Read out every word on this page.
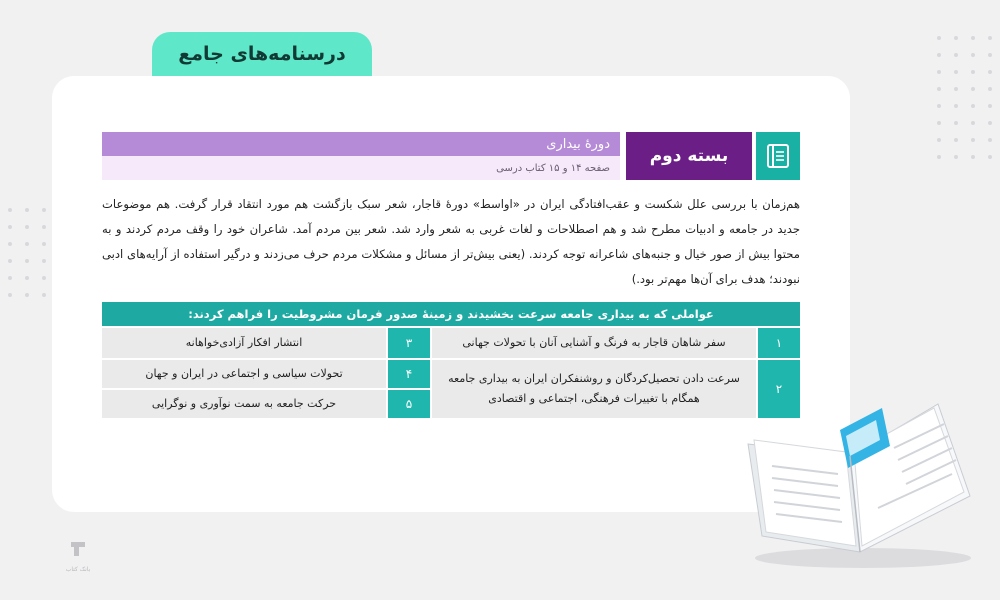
درسنامه‌های جامع
دورهٔ بیداری
صفحه ۱۴ و ۱۵ کتاب درسی
بسته دوم
هم‌زمان با بررسی علل شکست و عقب‌افتادگی ایران در «اواسط» دورهٔ قاجار، شعر سبک بازگشت هم مورد انتقاد قرار گرفت. هم موضوعات جدید در جامعه و ادبیات مطرح شد و هم اصطلاحات و لغات غربی به شعر وارد شد. شعر بین مردم آمد. شاعران خود را وقف مردم کردند و به محتوا بیش از صور خیال و جنبه‌های شاعرانه توجه کردند. (یعنی بیش‌تر از مسائل و مشکلات مردم حرف می‌زدند و درگیر استفاده از آرایه‌های ادبی نبودند؛ هدف برای آن‌ها مهم‌تر بود.)
عواملی که به بیداری جامعه سرعت بخشیدند و زمینهٔ صدور فرمان مشروطیت را فراهم کردند:
۱
سفر شاهان قاجار به فرنگ و آشنایی آنان با تحولات جهانی
۲
سرعت دادن تحصیل‌کردگان و روشنفکران ایران به بیداری جامعه همگام با تغییرات فرهنگی، اجتماعی و اقتصادی
۳
انتشار افکار آزادی‌خواهانه
۴
تحولات سیاسی و اجتماعی در ایران و جهان
۵
حرکت جامعه به سمت نوآوری و نوگرایی
بانک کتاب
